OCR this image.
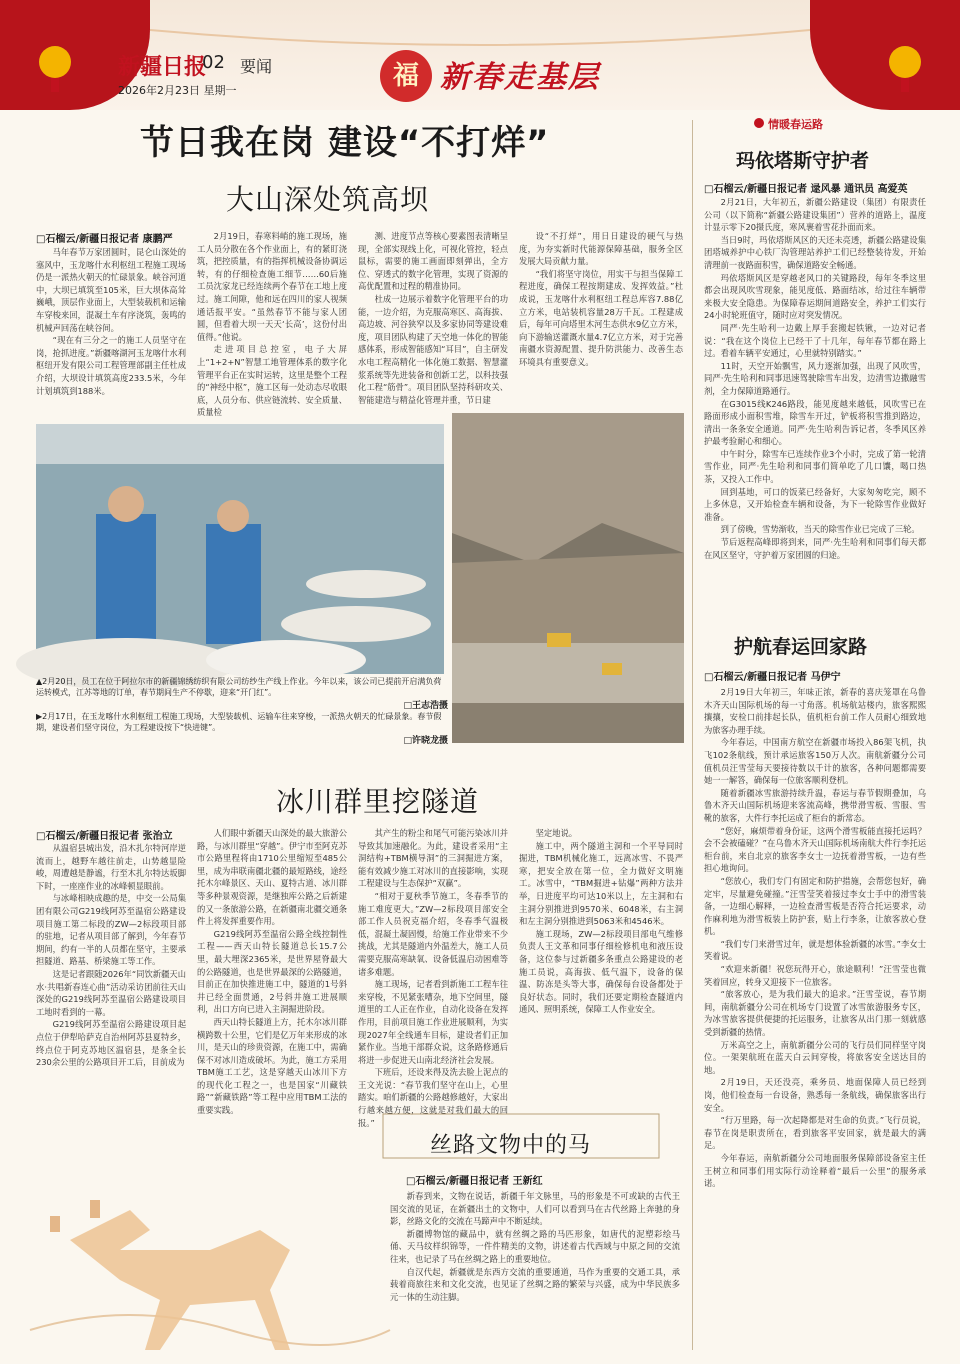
新疆日报
02 要闻
2026年2月23日 星期一	福 新春走基层
节日我在岗 建设“不打烊”
大山深处筑高坝
□石榴云/新疆日报记者 康鹏严

马年春节万家团圆时，昆仑山深处的塞风中，玉龙喀什水利枢纽工程施工现场仍是一派热火朝天的忙碌景象。峡谷河道中，大坝已填筑至105米，巨大坝体高耸巍峨，顶层作业面上，大型装载机和运输车穿梭来回，混凝土车有序浇筑，轰鸣的机械声回荡在峡谷间。

“现在有三分之一的施工人员坚守在岗，抢抓进度。”新疆喀湖河玉龙喀什水利枢纽开发有限公司工程管理部副主任杜成介绍，大坝设计填筑高度233.5米，今年计划填筑到188米。

2月19日，春寒料峭的施工现场，施工人员分散在各个作业面上，有的紧盯浇筑，把控质量，有的指挥机械设备协调运转，有的仔细检查施工细节……60后施工员沈家龙已经连续两个春节在工地上度过。施工间隙，他和远在四川的家人视频通话报平安。“虽然春节不能与家人团圆，但看着大坝一天天‘长高’，这份付出值得。”他说。

走进项目总控室，电子大屏上“1+2+N”智慧工地管理体系的数字化管理平台正在实时运转，这里是整个工程的“神经中枢”，施工区每一处动态尽收眼底，人员分布、供应链流转、安全质量、质量检

测、进度节点等核心要素图表清晰呈现，全部实现线上化，可视化管控，轻点鼠标，需要的施工画面即刻弹出，全方位、穿透式的数字化管理，实现了资源的高优配置和过程的精准协同。

杜成一边展示着数字化管理平台的功能，一边介绍，为克服高寒区、高海拔、高边坡、河谷狭窄以及多家协同等建设难度，项目团队构建了天空地一体化的智能感体系，形成智能感知“耳目”，自主研发水电工程高精化一体化施工数据、智慧灌浆系统等先进装备和创新工艺，以科技强化工程“筋骨”。项目团队坚持科研攻关、智能建造与精益化管理并重，节日建

设“不打烊”，用日日建设的硬气与热度，为夯实新时代能源保障基础，服务全区发展大局贡献力量。

“我们将坚守岗位，用实干与担当保障工程进度，确保工程按期建成、发挥效益。”杜成说，玉龙喀什水利枢纽工程总库容7.88亿立方米，电站装机容量28万千瓦。工程建成后，每年可向塔里木河生态供水9亿立方米，向下游输送灌溉水量4.7亿立方米，对于完善南疆水资源配置、提升防洪能力、改善生态环境具有重要意义。

▲2月20日，员工在位于阿拉尔市的新疆锦绣纺织有限公司纺纱生产线上作业。今年以来，该公司已提前开启满负荷运转模式，江苏等地的订单，春节期间生产不停歇，迎来“开门红”。
□王志浩摄
▶2月17日，在玉龙喀什水利枢纽工程施工现场，大型装载机、运输车往来穿梭，一派热火朝天的忙碌景象。春节假期，建设者们坚守岗位，为工程建设按下“快进键”。
□许晓龙摄
冰川群里挖隧道
□石榴云/新疆日报记者 张治立

从温宿县城出发，沿木扎尔特河岸逆流而上，越野车越往前走，山势越显险峻，周遭越是静谧，行至木扎尔特达坂脚下时，一座座作业的冰峰顿显眼前。

与冰峰相映成趣的是，中交一公局集团有限公司G219线阿苏至温宿公路建设项目施工第二标段的ZW—2标段项目部的驻地，记者从项目部了解到，今年春节期间，约有一半的人员都在坚守，主要承担隧道、路基、桥梁施工等工作。

这是记者跟随2026年“同饮新疆天山水·共唱新春连心曲”活动采访团前往天山深处的G219线阿苏至温宿公路建设项目工地时看到的一幕。

G219线阿苏至温宿公路建设项目起点位于伊犁哈萨克自治州阿苏县夏特乡，终点位于阿克苏地区温宿县，是条全长230余公里的公路项目开工后，目前成为

人们眼中新疆天山深处的最大旅游公路，与冰川群里“穿越”。伊宁市至阿克苏市公路里程将由1710公里缩短至485公里，成为串联南疆北疆的最短路线，途经托木尔峰景区、天山、夏特古道、冰川群等多种景观资源，是继独库公路之后新建的又一条旅游公路，在新疆南北疆交通条件上将发挥重要作用。

G219线阿苏至温宿公路全线控制性工程——西天山特长隧道总长15.7公里，最大埋深2365米，是世界屋脊最大的公路隧道，也是世界最深的公路隧道，目前正在加快推进施工中，隧道的1号斜井已经全面贯通，2号斜井施工进展顺利，出口方向已进入主洞掘进阶段。

西天山特长隧道上方，托木尔冰川群横跨数十公里，它们是亿万年来形成的冰川，是天山的珍贵资源，在施工中，需确保不对冰川造成破坏。为此，施工方采用TBM施工工艺，这是穿越天山冰川下方的现代化工程之一，也是国家“川藏铁路”“新藏铁路”等工程中应用TBM工法的重要实践。

其产生的粉尘和尾气可能污染冰川并导致其加速融化。为此，建设者采用“主洞结构+TBM横导洞”的三洞掘进方案，能有效减少施工对冰川的直接影响，实现工程建设与生态保护“双赢”。

“相对于夏秋季节施工，冬春季节的施工难度更大。”ZW—2标段项目部安全部工作人员祝克福介绍，冬春季气温极低，混凝土凝固慢，给施工作业带来不少挑战，尤其是隧道内外温差大，施工人员需要克服高寒缺氧、设备低温启动困难等诸多难题。

施工现场，记者看到新施工工程车往来穿梭，不见紧张嘈杂，地下空间里，隧道里的工人正在作业，自动化设备在发挥作用，目前项目施工作业进展顺利，为实现2027年全线通车目标，建设者们正加紧作业。当地干部群众说，这条路修通后将进一步促进天山南北经济社会发展。

下班后，还设来得及洗去脸上泥点的王文光说：“春节我们坚守在山上，心里踏实。咱们新疆的公路越修越好，大家出行越来越方便，这就是对我们最大的回报。”

坚定地说。

施工中，两个隧道主洞和一个平导同时掘进，TBM机械化施工，远离冰雪、不畏严寒，把安全放在第一位，全力做好文明施工。冰雪中，“TBM掘进+钻爆”两种方法并举，日进度平均可达10米以上，左主洞和右主洞分别推进到9570米、6048米，右主洞和左主洞分别推进到5063米和4546米。

施工现场，ZW—2标段项目部电气维修负责人王文革和同事仔细检修机电和液压设备，这位参与过新疆多条重点公路建设的老施工员说，高海拔、低气温下，设备的保温、防冻是头等大事，确保每台设备都处于良好状态。同时，我们还要定期检查隧道内通风、照明系统，保障工人作业安全。

情暖春运路
玛依塔斯守护者
□石榴云/新疆日报记者 逯风暴 通讯员 高爱英

2月21日，大年初五，新疆公路建设（集团）有限责任公司（以下简称“新疆公路建设集团”）营养的道路上，温度计显示零下20摄氏度，寒风裹着雪花扑面而来。

当日9时，玛依塔斯风区的天还未亮透，新疆公路建设集团塔城养护中心铁厂沟管理站养护工们已经整装待发，开始清理前一夜路面积雪，确保道路安全畅通。

玛依塔斯风区是穿越老风口的关键路段，每年冬季这里都会出现风吹雪现象，能见度低、路面结冰，给过往车辆带来极大安全隐患。为保障春运期间道路安全，养护工们实行24小时轮班值守，随时应对突发情况。

同严·先生哈利一边戴上厚手套搬起铁锹，一边对记者说：“我在这个岗位上已经干了十几年，每年春节都在路上过。看着车辆平安通过，心里就特别踏实。”

11时，天空开始飘雪，风力逐渐加强，出现了风吹雪，同严·先生哈利和同事迅速驾驶除雪车出发，边清雪边撒融雪剂，全力保障道路通行。

在G3015线K246路段，能见度越来越低，风吹雪已在路面形成小面积雪堆，除雪车开过，铲板将积雪推到路边，清出一条条安全通道。同严·先生哈利告诉记者，冬季风区养护最考验耐心和细心。

中午时分，除雪车已连续作业3个小时，完成了第一轮清雪作业，同严·先生哈利和同事们简单吃了几口馕，喝口热茶，又投入工作中。

回到基地，可口的饭菜已经备好，大家匆匆吃完，顾不上多休息，又开始检查车辆和设备，为下一轮除雪作业做好准备。

到了傍晚，雪势渐收，当天的除雪作业已完成了三轮。

节后返程高峰即将到来，同严·先生哈利和同事们每天都在风区坚守，守护着万家团圆的归途。

护航春运回家路
□石榴云/新疆日报记者 马伊宁

2月19日大年初三，年味正浓，新春的喜庆笼罩在乌鲁木齐天山国际机场的每一寸角落。机场航站楼内，旅客熙熙攘攘，安检口前排起长队，值机柜台前工作人员耐心细致地为旅客办理手续。

今年春运，中国南方航空在新疆市场投入86架飞机，执飞102条航线，预计承运旅客150万人次。南航新疆分公司值机员汪雪莹每天要接待数以千计的旅客，各种问题都需要她一一解答，确保每一位旅客顺利登机。

随着新疆冰雪旅游持续升温，春运与春节假期叠加，乌鲁木齐天山国际机场迎来客流高峰，携带滑雪板、雪服、雪靴的旅客，大件行李托运成了柜台的新常态。

“您好，麻烦带着身份证，这两个滑雪板能直接托运吗？会不会被磕碰？”在乌鲁木齐天山国际机场南航大件行李托运柜台前，来自北京的旅客李女士一边抚着滑雪板，一边有些担心地询问。

“您放心，我们专门有固定和防护措施，会帮您包好，确定牢，尽量避免碰撞。”汪雪莹笑着接过李女士手中的滑雪装备，一边细心解释，一边检查滑雪板是否符合托运要求，动作麻利地为滑雪板装上防护套，贴上行李条，让旅客放心登机。

“我们专门来滑雪过年，就是想体验新疆的冰雪。”李女士笑着说。

“欢迎来新疆！祝您玩得开心，旅途顺利！”汪雪莹也微笑着回应，转身又迎接下一位旅客。

“旅客放心，是为我们最大的追求。”汪雪莹说，春节期间，南航新疆分公司在机场专门设置了冰雪旅游服务专区，为冰雪旅客提供便捷的托运服务，让旅客从出门那一刻就感受到新疆的热情。

万米高空之上，南航新疆分公司的飞行员们同样坚守岗位。一架架航班在蓝天白云间穿梭，将旅客安全送达目的地。

2月19日，天还没亮，乘务员、地面保障人员已经到岗，他们检查每一台设备，熟悉每一条航线，确保旅客出行安全。

“行万里路，每一次起降都是对生命的负责。”飞行员说，春节在岗是职责所在，看到旅客平安回家，就是最大的满足。

今年春运，南航新疆分公司地面服务保障部设备室主任王树立和同事们用实际行动诠释着“最后一公里”的服务承诺。

丝路文物中的马
□石榴云/新疆日报记者 王新红

新春到来，文物在说话，新疆千年文脉里，马的形象是不可或缺的古代王国交流的见证，在新疆出土的文物中，人们可以看到马在古代丝路上奔驰的身影，丝路文化的交流在马蹄声中不断延续。

新疆博物馆的藏品中，就有丝绸之路的马匹形象，如唐代的泥塑彩绘马俑、天马纹样织锦等，一件件精美的文物，讲述着古代西域与中原之间的交流往来，也记录了马在丝绸之路上的重要地位。

自汉代起，新疆就是东西方交流的重要通道，马作为重要的交通工具，承载着商旅往来和文化交流，也见证了丝绸之路的繁荣与兴盛，成为中华民族多元一体的生动注脚。
